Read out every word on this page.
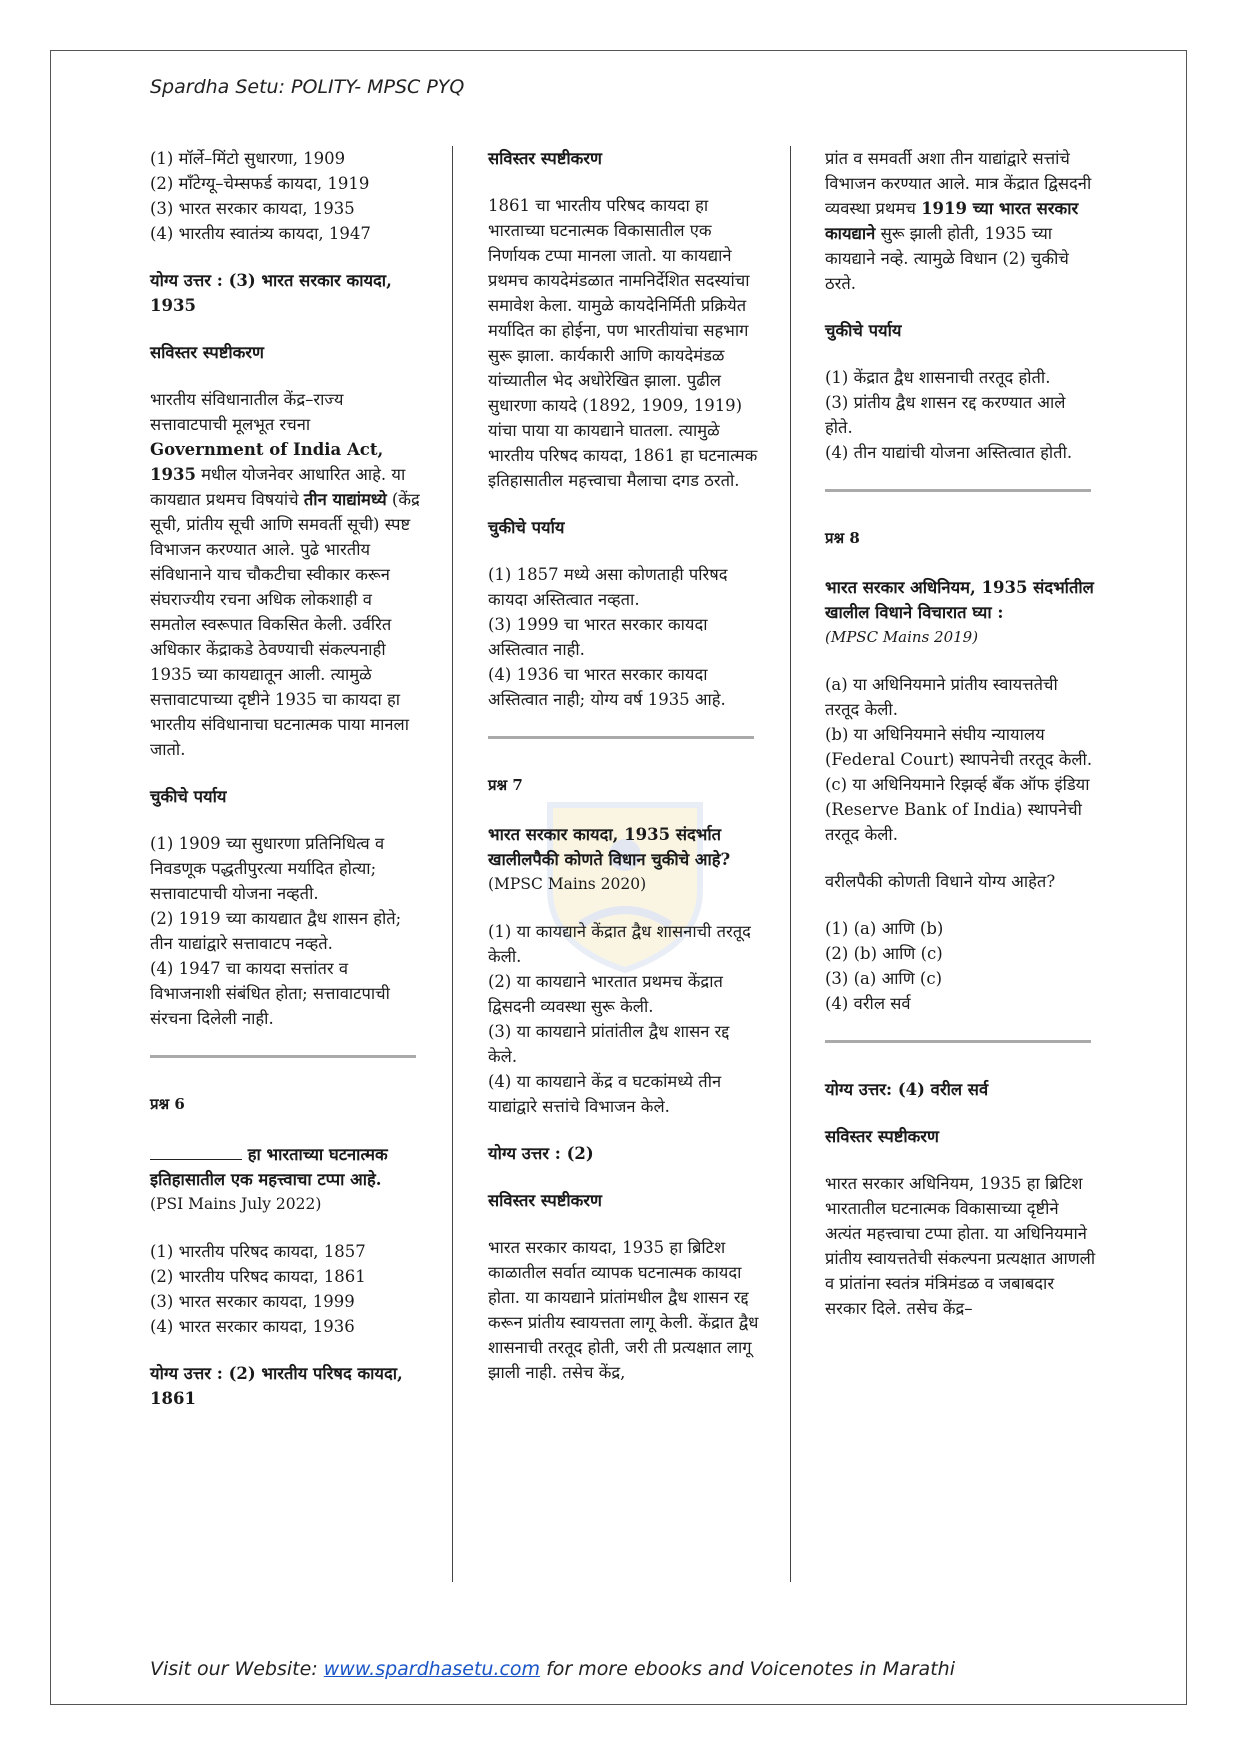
Spardha Setu: POLITY- MPSC PYQ
(1) मॉर्ले–मिंटो सुधारणा, 1909
(2) मॉंटेग्यू–चेम्सफर्ड कायदा, 1919
(3) भारत सरकार कायदा, 1935
(4) भारतीय स्वातंत्र्य कायदा, 1947

योग्य उत्तर : (3) भारत सरकार कायदा, 1935

सविस्तर स्पष्टीकरण

भारतीय संविधानातील केंद्र–राज्य सत्तावाटपाची मूलभूत रचना Government of India Act, 1935 मधील योजनेवर आधारित आहे. या कायद्यात प्रथमच विषयांचे तीन याद्यांमध्ये (केंद्र सूची, प्रांतीय सूची आणि समवर्ती सूची) स्पष्ट विभाजन करण्यात आले. पुढे भारतीय संविधानाने याच चौकटीचा स्वीकार करून संघराज्यीय रचना अधिक लोकशाही व समतोल स्वरूपात विकसित केली. उर्वरित अधिकार केंद्राकडे ठेवण्याची संकल्पनाही 1935 च्या कायद्यातून आली. त्यामुळे सत्तावाटपाच्या दृष्टीने 1935 चा कायदा हा भारतीय संविधानाचा घटनात्मक पाया मानला जातो.

चुकीचे पर्याय

(1) 1909 च्या सुधारणा प्रतिनिधित्व व निवडणूक पद्धतीपुरत्या मर्यादित होत्या; सत्तावाटपाची योजना नव्हती.
(2) 1919 च्या कायद्यात द्वैध शासन होते; तीन याद्यांद्वारे सत्तावाटप नव्हते.
(4) 1947 चा कायदा सत्तांतर व विभाजनाशी संबंधित होता; सत्तावाटपाची संरचना दिलेली नाही.

प्रश्न 6

हा भारताच्या घटनात्मक इतिहासातील एक महत्त्वाचा टप्पा आहे.

(PSI Mains July 2022)

(1) भारतीय परिषद कायदा, 1857
(2) भारतीय परिषद कायदा, 1861
(3) भारत सरकार कायदा, 1999
(4) भारत सरकार कायदा, 1936

योग्य उत्तर : (2) भारतीय परिषद कायदा, 1861

सविस्तर स्पष्टीकरण

1861 चा भारतीय परिषद कायदा हा भारताच्या घटनात्मक विकासातील एक निर्णायक टप्पा मानला जातो. या कायद्याने प्रथमच कायदेमंडळात नामनिर्देशित सदस्यांचा समावेश केला. यामुळे कायदेनिर्मिती प्रक्रियेत मर्यादित का होईना, पण भारतीयांचा सहभाग सुरू झाला. कार्यकारी आणि कायदेमंडळ यांच्यातील भेद अधोरेखित झाला. पुढील सुधारणा कायदे (1892, 1909, 1919) यांचा पाया या कायद्याने घातला. त्यामुळे भारतीय परिषद कायदा, 1861 हा घटनात्मक इतिहासातील महत्त्वाचा मैलाचा दगड ठरतो.

चुकीचे पर्याय

(1) 1857 मध्ये असा कोणताही परिषद कायदा अस्तित्वात नव्हता.
(3) 1999 चा भारत सरकार कायदा अस्तित्वात नाही.
(4) 1936 चा भारत सरकार कायदा अस्तित्वात नाही; योग्य वर्ष 1935 आहे.

प्रश्न 7

भारत सरकार कायदा, 1935 संदर्भात खालीलपैकी कोणते विधान चुकीचे आहे?

(MPSC Mains 2020)

(1) या कायद्याने केंद्रात द्वैध शासनाची तरतूद केली.
(2) या कायद्याने भारतात प्रथमच केंद्रात द्विसदनी व्यवस्था सुरू केली.
(3) या कायद्याने प्रांतांतील द्वैध शासन रद्द केले.
(4) या कायद्याने केंद्र व घटकांमध्ये तीन याद्यांद्वारे सत्तांचे विभाजन केले.

योग्य उत्तर : (2)

सविस्तर स्पष्टीकरण

भारत सरकार कायदा, 1935 हा ब्रिटिश काळातील सर्वात व्यापक घटनात्मक कायदा होता. या कायद्याने प्रांतांमधील द्वैध शासन रद्द करून प्रांतीय स्वायत्तता लागू केली. केंद्रात द्वैध शासनाची तरतूद होती, जरी ती प्रत्यक्षात लागू झाली नाही. तसेच केंद्र,

प्रांत व समवर्ती अशा तीन याद्यांद्वारे सत्तांचे विभाजन करण्यात आले. मात्र केंद्रात द्विसदनी व्यवस्था प्रथमच 1919 च्या भारत सरकार कायद्याने सुरू झाली होती, 1935 च्या कायद्याने नव्हे. त्यामुळे विधान (2) चुकीचे ठरते.

चुकीचे पर्याय

(1) केंद्रात द्वैध शासनाची तरतूद होती.
(3) प्रांतीय द्वैध शासन रद्द करण्यात आले होते.
(4) तीन याद्यांची योजना अस्तित्वात होती.

प्रश्न 8

भारत सरकार अधिनियम, 1935 संदर्भातील खालील विधाने विचारात घ्या :

(MPSC Mains 2019)

(a) या अधिनियमाने प्रांतीय स्वायत्ततेची तरतूद केली.
(b) या अधिनियमाने संघीय न्यायालय (Federal Court) स्थापनेची तरतूद केली.
(c) या अधिनियमाने रिझर्व्ह बँक ऑफ इंडिया (Reserve Bank of India) स्थापनेची तरतूद केली.

वरीलपैकी कोणती विधाने योग्य आहेत?

(1) (a) आणि (b)
(2) (b) आणि (c)
(3) (a) आणि (c)
(4) वरील सर्व

योग्य उत्तर: (4) वरील सर्व

सविस्तर स्पष्टीकरण

भारत सरकार अधिनियम, 1935 हा ब्रिटिश भारतातील घटनात्मक विकासाच्या दृष्टीने अत्यंत महत्त्वाचा टप्पा होता. या अधिनियमाने प्रांतीय स्वायत्ततेची संकल्पना प्रत्यक्षात आणली व प्रांतांना स्वतंत्र मंत्रिमंडळ व जबाबदार सरकार दिले. तसेच केंद्र–

Visit our Website: www.spardhasetu.com for more ebooks and Voicenotes in Marathi
